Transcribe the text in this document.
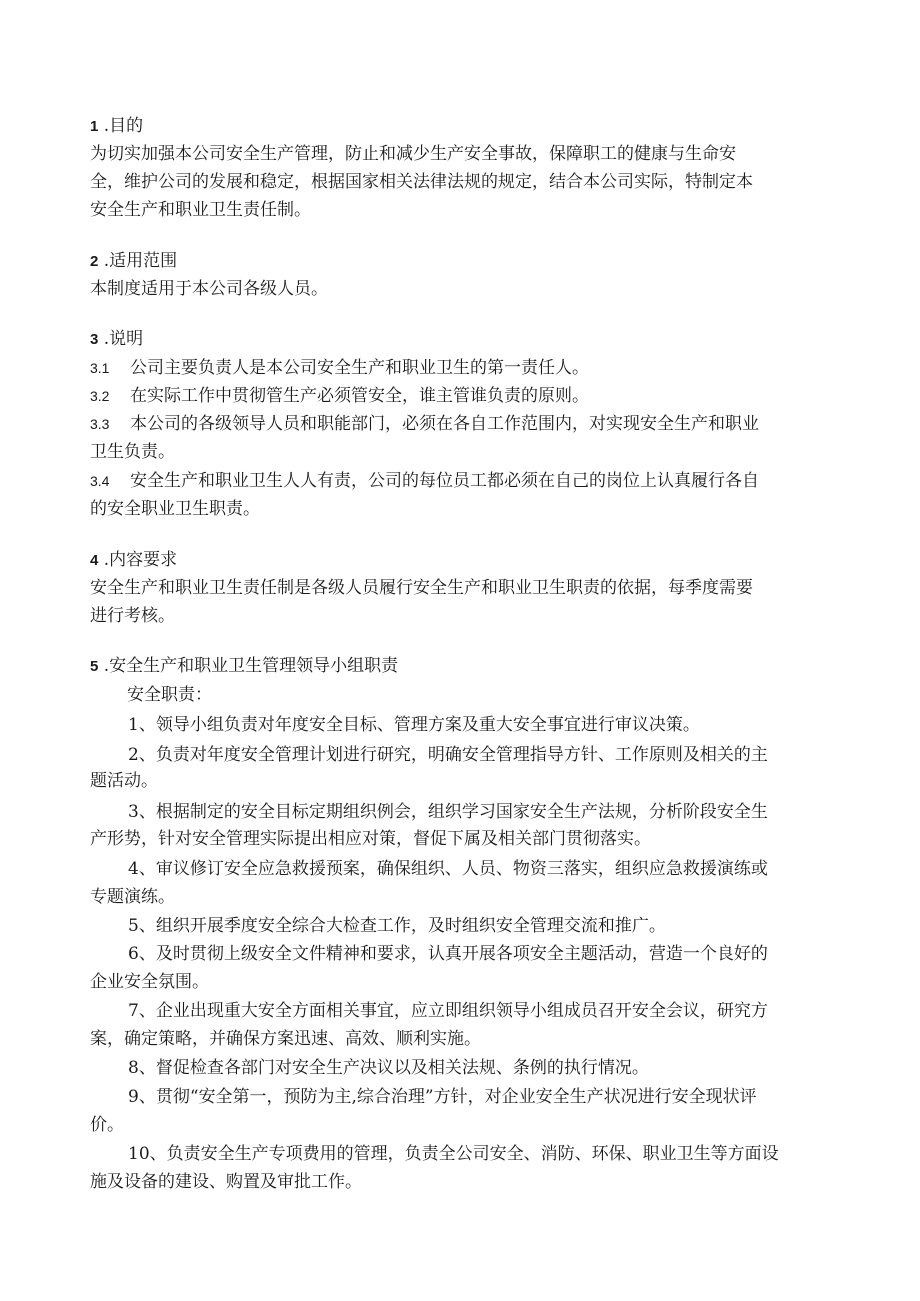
1 .目的
为切实加强本公司安全生产管理，防止和减少生产安全事故，保障职工的健康与生命安
全，维护公司的发展和稳定，根据国家相关法律法规的规定，结合本公司实际，特制定本
安全生产和职业卫生责任制。
2 .适用范围
本制度适用于本公司各级人员。
3 .说明
3.1 公司主要负责人是本公司安全生产和职业卫生的第一责任人。
3.2 在实际工作中贯彻管生产必须管安全，谁主管谁负责的原则。
3.3 本公司的各级领导人员和职能部门，必须在各自工作范围内，对实现安全生产和职业
卫生负责。
3.4 安全生产和职业卫生人人有责，公司的每位员工都必须在自己的岗位上认真履行各自
的安全职业卫生职责。
4 .内容要求
安全生产和职业卫生责任制是各级人员履行安全生产和职业卫生职责的依据，每季度需要
进行考核。
5 .安全生产和职业卫生管理领导小组职责
安全职责：
1、领导小组负责对年度安全目标、管理方案及重大安全事宜进行审议决策。
2、负责对年度安全管理计划进行研究，明确安全管理指导方针、工作原则及相关的主
题活动。
3、根据制定的安全目标定期组织例会，组织学习国家安全生产法规，分析阶段安全生
产形势，针对安全管理实际提出相应对策，督促下属及相关部门贯彻落实。
4、审议修订安全应急救援预案，确保组织、人员、物资三落实，组织应急救援演练或
专题演练。
5、组织开展季度安全综合大检查工作，及时组织安全管理交流和推广。
6、及时贯彻上级安全文件精神和要求，认真开展各项安全主题活动，营造一个良好的
企业安全氛围。
7、企业出现重大安全方面相关事宜，应立即组织领导小组成员召开安全会议，研究方
案，确定策略，并确保方案迅速、高效、顺利实施。
8、督促检查各部门对安全生产决议以及相关法规、条例的执行情况。
9、贯彻“安全第一，预防为主,综合治理”方针，对企业安全生产状况进行安全现状评
价。
10、负责安全生产专项费用的管理，负责全公司安全、消防、环保、职业卫生等方面设
施及设备的建设、购置及审批工作。
